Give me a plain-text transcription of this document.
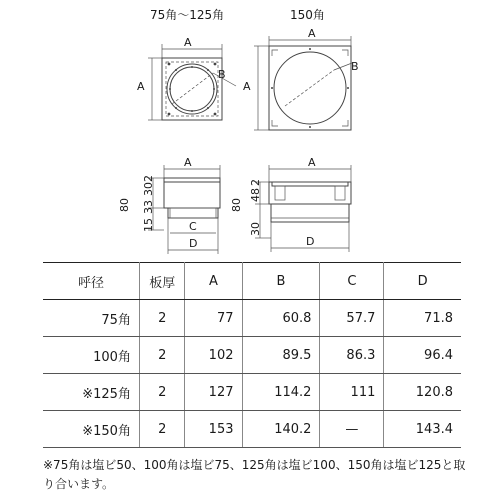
75角〜125角	150角
A
A
B
A
A
B
A
80
2
30
33
15	C
D
A
80
2
48
30
D
呼径	板厚	A	B	C	D
75角	2	77	60.8	57.7	71.8
100角	2	102	89.5	86.3	96.4
※125角	2	127	114.2	111	120.8
※150角	2	153	140.2	—	143.4

※75角は塩ビ50、100角は塩ビ75、125角は塩ビ100、150角は塩ビ125と取り合います。
